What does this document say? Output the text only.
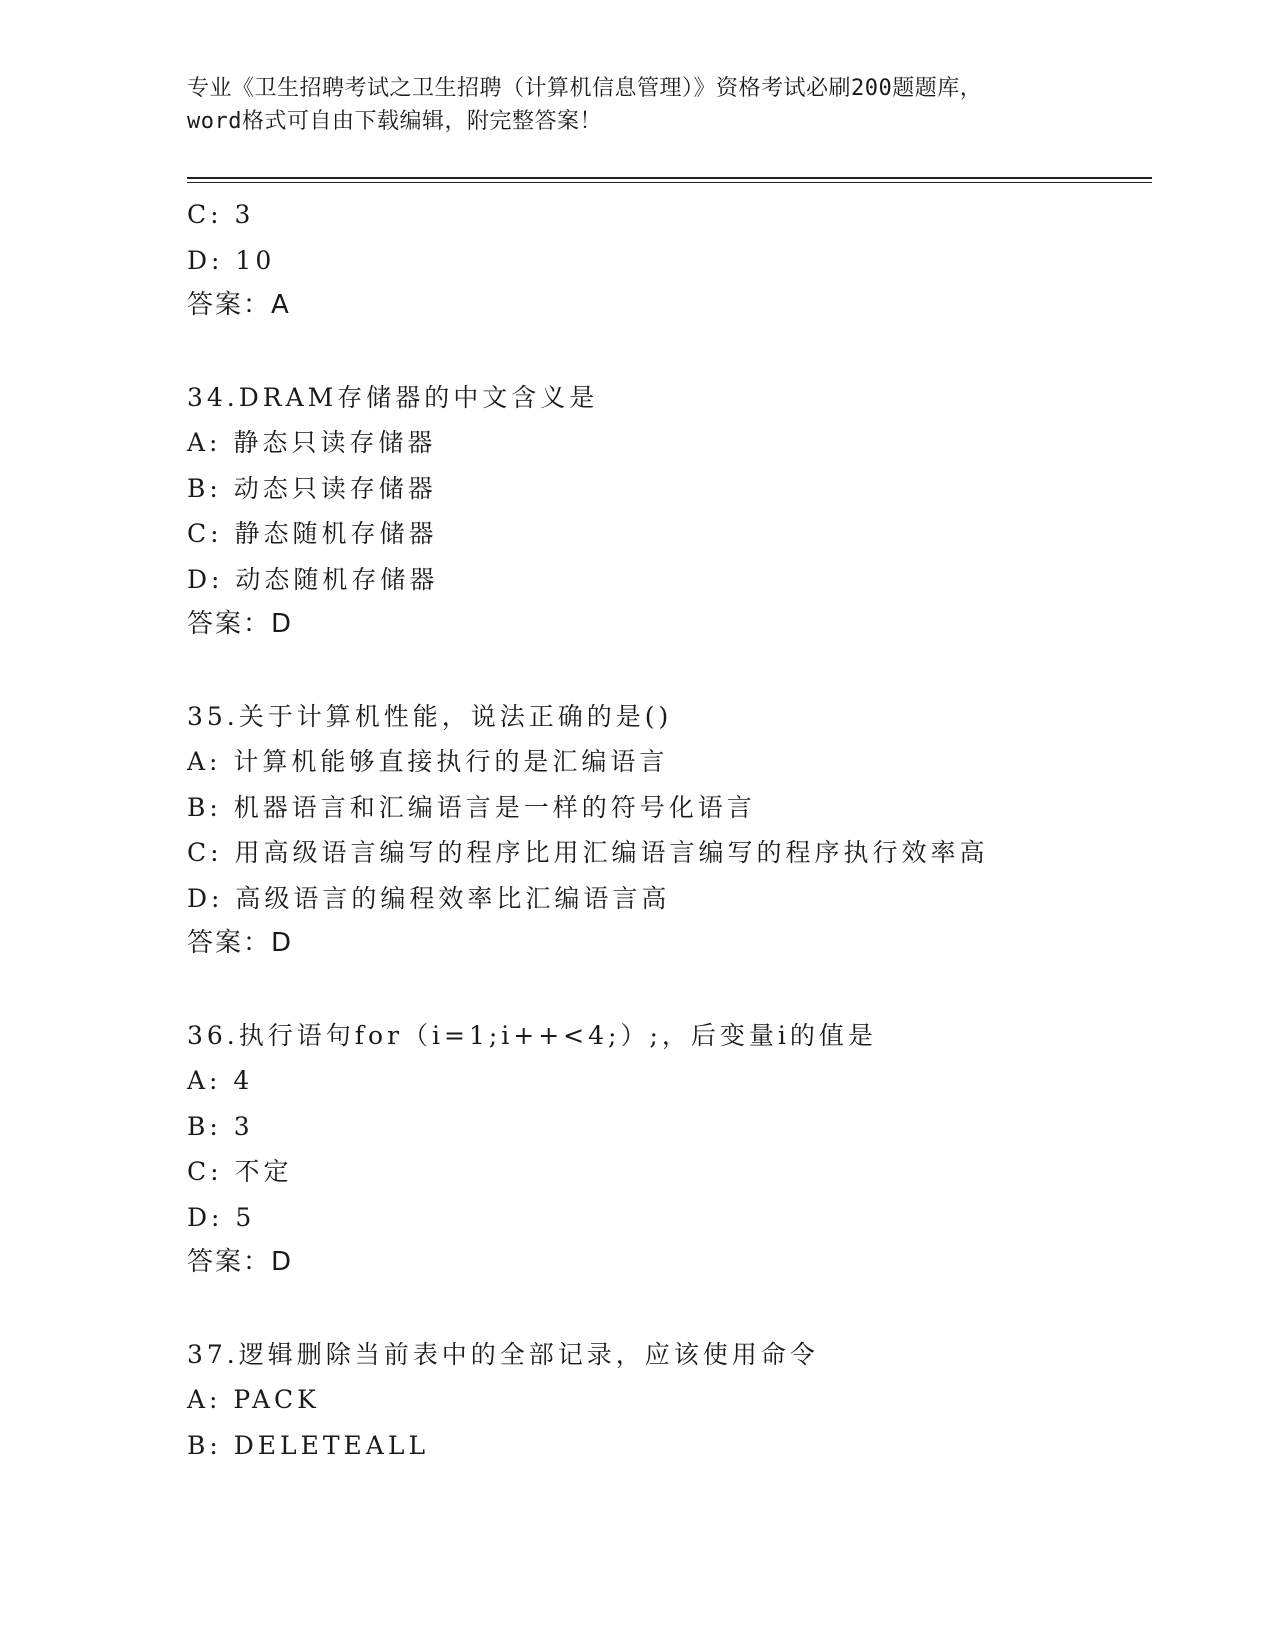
专业《卫生招聘考试之卫生招聘（计算机信息管理）》资格考试必刷200题题库，
word格式可自由下载编辑，附完整答案！
C: 3
D: 10
答案：A
34.DRAM存储器的中文含义是
A: 静态只读存储器
B: 动态只读存储器
C: 静态随机存储器
D: 动态随机存储器
答案：D
35.关于计算机性能，说法正确的是()
A: 计算机能够直接执行的是汇编语言
B: 机器语言和汇编语言是一样的符号化语言
C: 用高级语言编写的程序比用汇编语言编写的程序执行效率高
D: 高级语言的编程效率比汇编语言高
答案：D
36.执行语句for（i=1;i++<4;）;，后变量i的值是
A: 4
B: 3
C: 不定
D: 5
答案：D
37.逻辑删除当前表中的全部记录，应该使用命令
A: PACK
B: DELETEALL
